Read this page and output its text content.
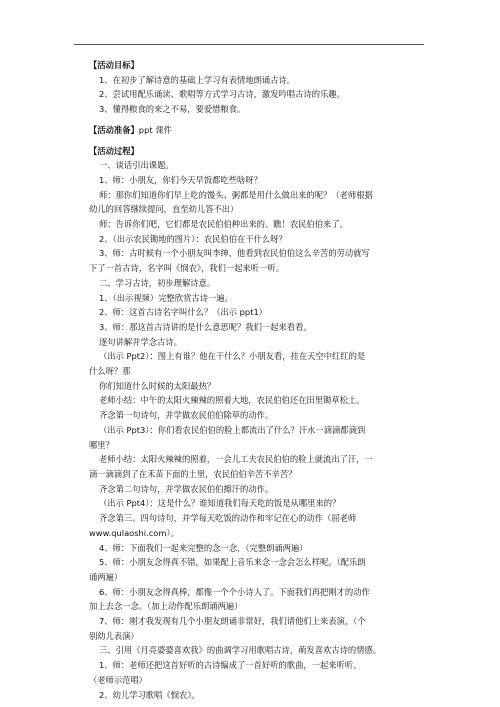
【活动目标】
1、在初步了解诗意的基础上学习有表情地朗诵古诗。
2、尝试用配乐诵读、歌唱等方式学习古诗，激发吟唱古诗的乐趣。
3、懂得粮食的来之不易，要爱惜粮食。
【活动准备】ppt 课件
【活动过程】
一、谈话引出课题。
1、师：小朋友，你们今天早饭都吃些啥呀？
师：那你们知道你们早上吃的馒头、粥都是用什么做出来的呢？（老师根据
幼儿的回答继续提问，直至幼儿答不出）
师：告诉你们吧，它们都是农民伯伯种出来的。瞧！农民伯伯来了。
2、（出示农民锄地的图片）：农民伯伯在干什么呀？
3、师：古时候有一个小朋友叫李绅，他看到农民伯伯这么辛苦的劳动就写
下了一首古诗，名字叫《悯农》，我们一起来听一听。
二、学习古诗，初步理解诗意。
1、（出示视频）完整欣赏古诗一遍。
2、师：这首古诗名字叫什么？（出示 ppt1）
3、师：那这首古诗讲的是什么意思呢？我们一起来看看。
逐句讲解并学念古诗。
（出示 Ppt2）：图上有谁？他在干什么？小朋友看，挂在天空中红红的是
什么呀？那
你们知道什么时候的太阳最热？
老师小结：中午的太阳火辣辣的照着大地，农民伯伯还在田里锄草松土。
齐念第一句诗句，并学做农民伯伯除草的动作。
（出示 Ppt3）：你们看农民伯伯的脸上都流出了什么？汗水一滴滴都滴到
哪里？
老师小结：太阳火辣辣的照着，一会儿工夫农民伯伯的脸上就流出了汗，一
滴一滴滴到了在禾苗下面的土里，农民伯伯辛苦不辛苦？
齐念第二句诗句，并学做农民伯伯擦汗的动作。
（出示 Ppt4）：这是什么？谁知道我们每天吃的饭是从哪里来的？
齐念第三、四句诗句，并学每天吃饭的动作和牢记在心的动作（屈老师
www.qulaoshi.com）。
4、师：下面我们一起来完整的念一念，（完整朗诵两遍）
5、师：小朋友念得真不错，如果配上音乐来念一念会怎么样呢。（配乐朗
诵两遍）
6、师：小朋友念得真棒，都像一个个小诗人了。下面我们再把刚才的动作
加上去念一念。（加上动作配乐朗诵两遍）
7、师：刚才我发现有几个小朋友朗诵非常好，我们请他们上来表演，（个
别幼儿表演）
三、引用《月亮婆婆喜欢我》的曲调学习用歌唱古诗，萌发喜欢古诗的情感。
1、师：老师还把这首好听的古诗编成了一首好听的歌曲，一起来听听。
（老师示范唱）
2、幼儿学习歌唱《悯农》。
